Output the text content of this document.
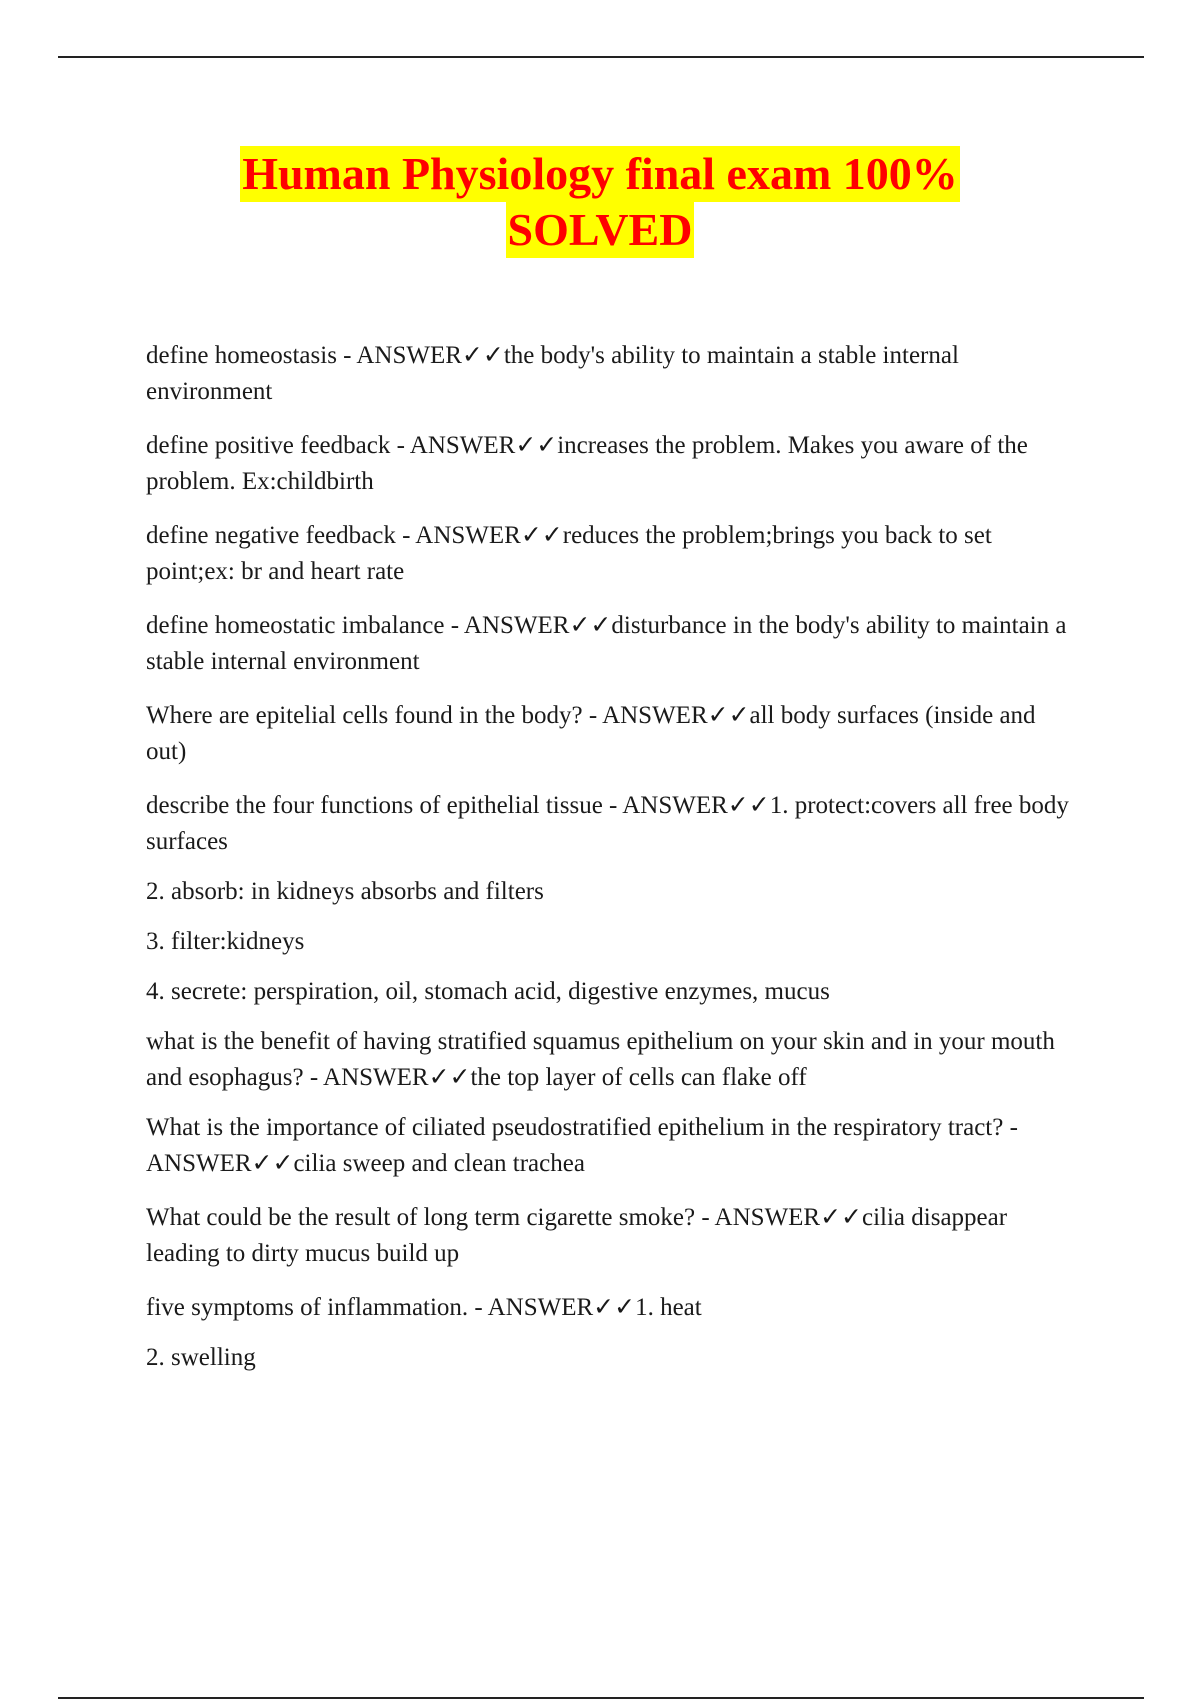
Human Physiology final exam 100%
SOLVED

define homeostasis - ANSWER✓✓the body's ability to maintain a stable internal environment

define positive feedback - ANSWER✓✓increases the problem. Makes you aware of the problem. Ex:childbirth

define negative feedback - ANSWER✓✓reduces the problem;brings you back to set point;ex: br and heart rate

define homeostatic imbalance - ANSWER✓✓disturbance in the body's ability to maintain a stable internal environment

Where are epitelial cells found in the body? - ANSWER✓✓all body surfaces (inside and out)

describe the four functions of epithelial tissue - ANSWER✓✓1. protect:covers all free body surfaces

2. absorb: in kidneys absorbs and filters

3. filter:kidneys

4. secrete: perspiration, oil, stomach acid, digestive enzymes, mucus

what is the benefit of having stratified squamus epithelium on your skin and in your mouth and esophagus? - ANSWER✓✓the top layer of cells can flake off

What is the importance of ciliated pseudostratified epithelium in the respiratory tract? - ANSWER✓✓cilia sweep and clean trachea

What could be the result of long term cigarette smoke? - ANSWER✓✓cilia disappear leading to dirty mucus build up

five symptoms of inflammation. - ANSWER✓✓1. heat

2. swelling
